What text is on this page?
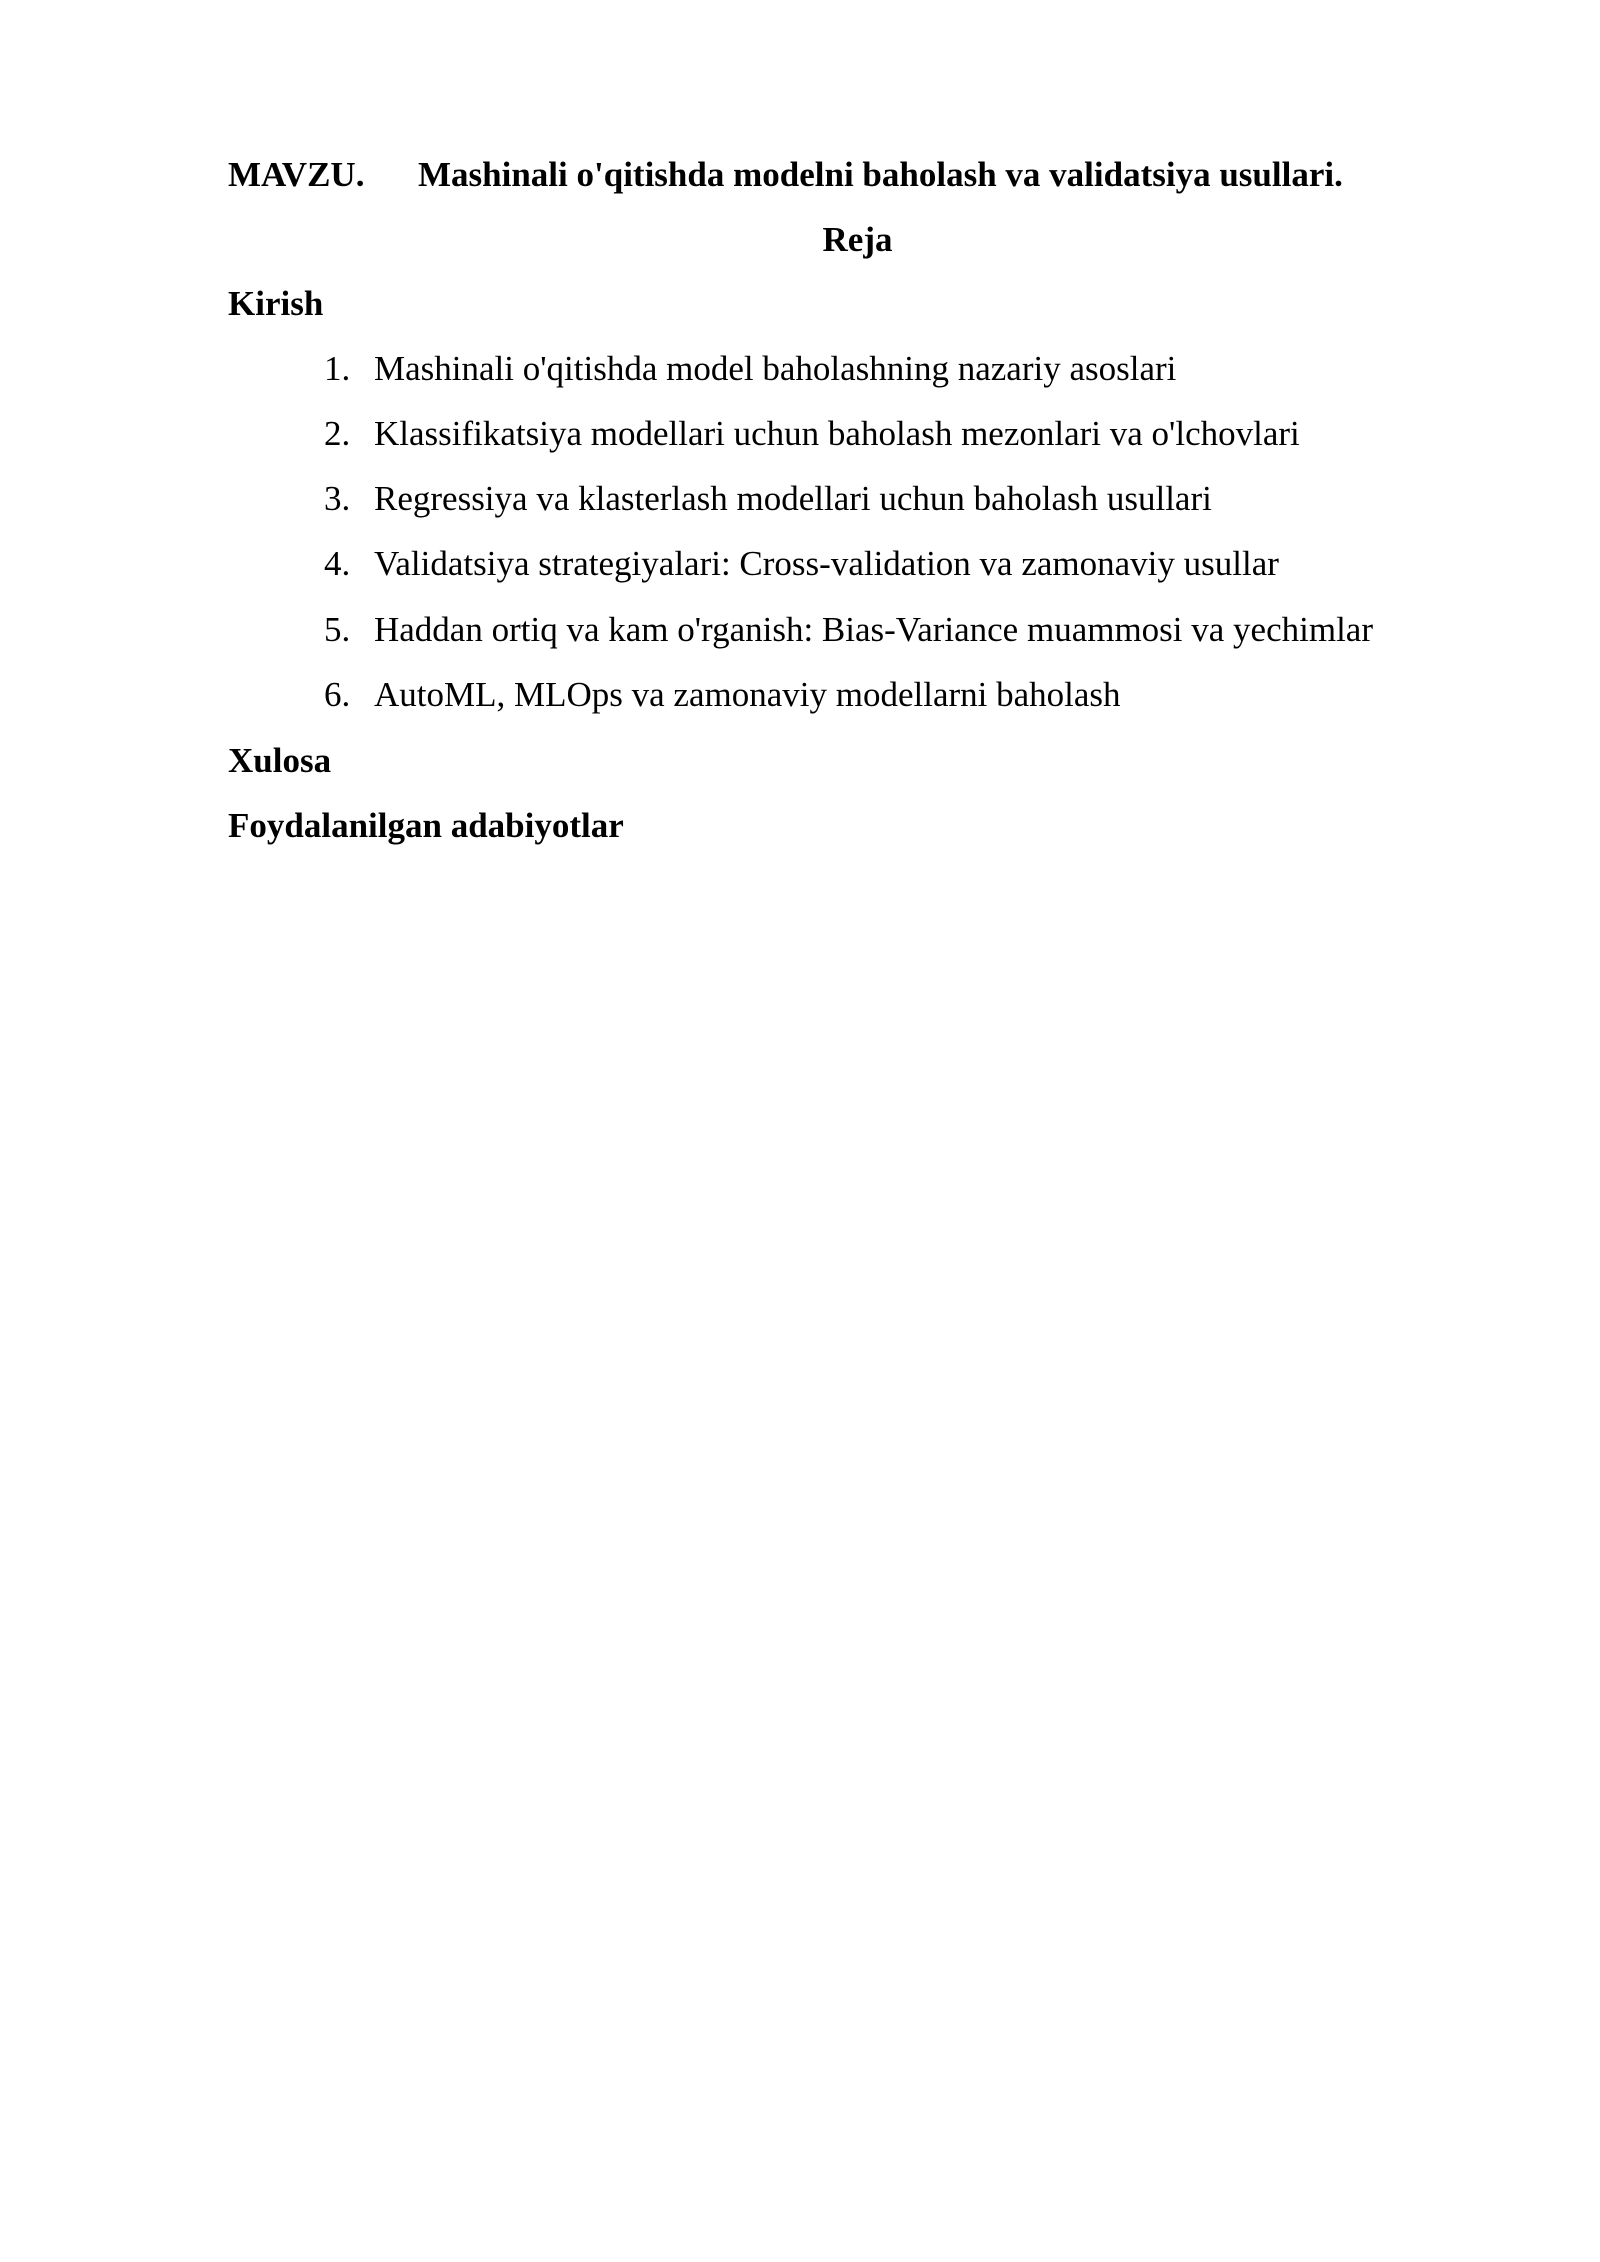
MAVZU. Mashinali o'qitishda modelni baholash va validatsiya usullari.
Reja
Kirish
1. Mashinali o'qitishda model baholashning nazariy asoslari
2. Klassifikatsiya modellari uchun baholash mezonlari va o'lchovlari
3. Regressiya va klasterlash modellari uchun baholash usullari
4. Validatsiya strategiyalari: Cross-validation va zamonaviy usullar
5. Haddan ortiq va kam o'rganish: Bias-Variance muammosi va yechimlar
6. AutoML, MLOps va zamonaviy modellarni baholash
Xulosa
Foydalanilgan adabiyotlar
